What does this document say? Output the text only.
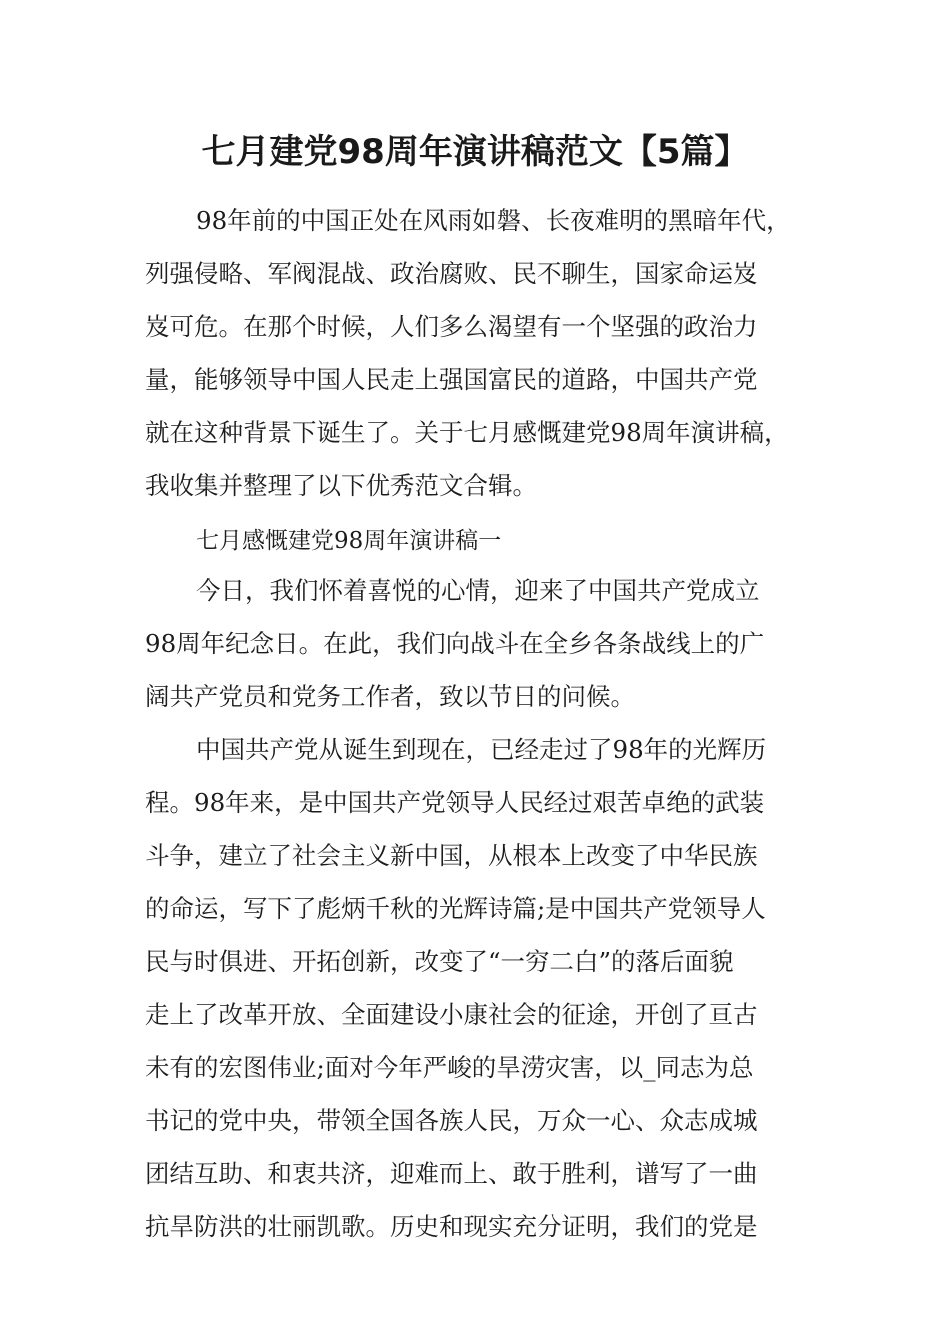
七月建党98周年演讲稿范文【5篇】

98年前的中国正处在风雨如磐、长夜难明的黑暗年代，

列强侵略、军阀混战、政治腐败、民不聊生，国家命运岌

岌可危。在那个时候，人们多么渴望有一个坚强的政治力

量，能够领导中国人民走上强国富民的道路，中国共产党

就在这种背景下诞生了。关于七月感慨建党98周年演讲稿，

我收集并整理了以下优秀范文合辑。

七月感慨建党98周年演讲稿一

今日，我们怀着喜悦的心情，迎来了中国共产党成立

98周年纪念日。在此，我们向战斗在全乡各条战线上的广

阔共产党员和党务工作者，致以节日的问候。

中国共产党从诞生到现在，已经走过了98年的光辉历

程。98年来，是中国共产党领导人民经过艰苦卓绝的武装

斗争，建立了社会主义新中国，从根本上改变了中华民族

的命运，写下了彪炳千秋的光辉诗篇;是中国共产党领导人

民与时俱进、开拓创新，改变了“一穷二白”的落后面貌

走上了改革开放、全面建设小康社会的征途，开创了亘古

未有的宏图伟业;面对今年严峻的旱涝灾害，以_同志为总

书记的党中央，带领全国各族人民，万众一心、众志成城

团结互助、和衷共济，迎难而上、敢于胜利，谱写了一曲

抗旱防洪的壮丽凯歌。历史和现实充分证明，我们的党是
